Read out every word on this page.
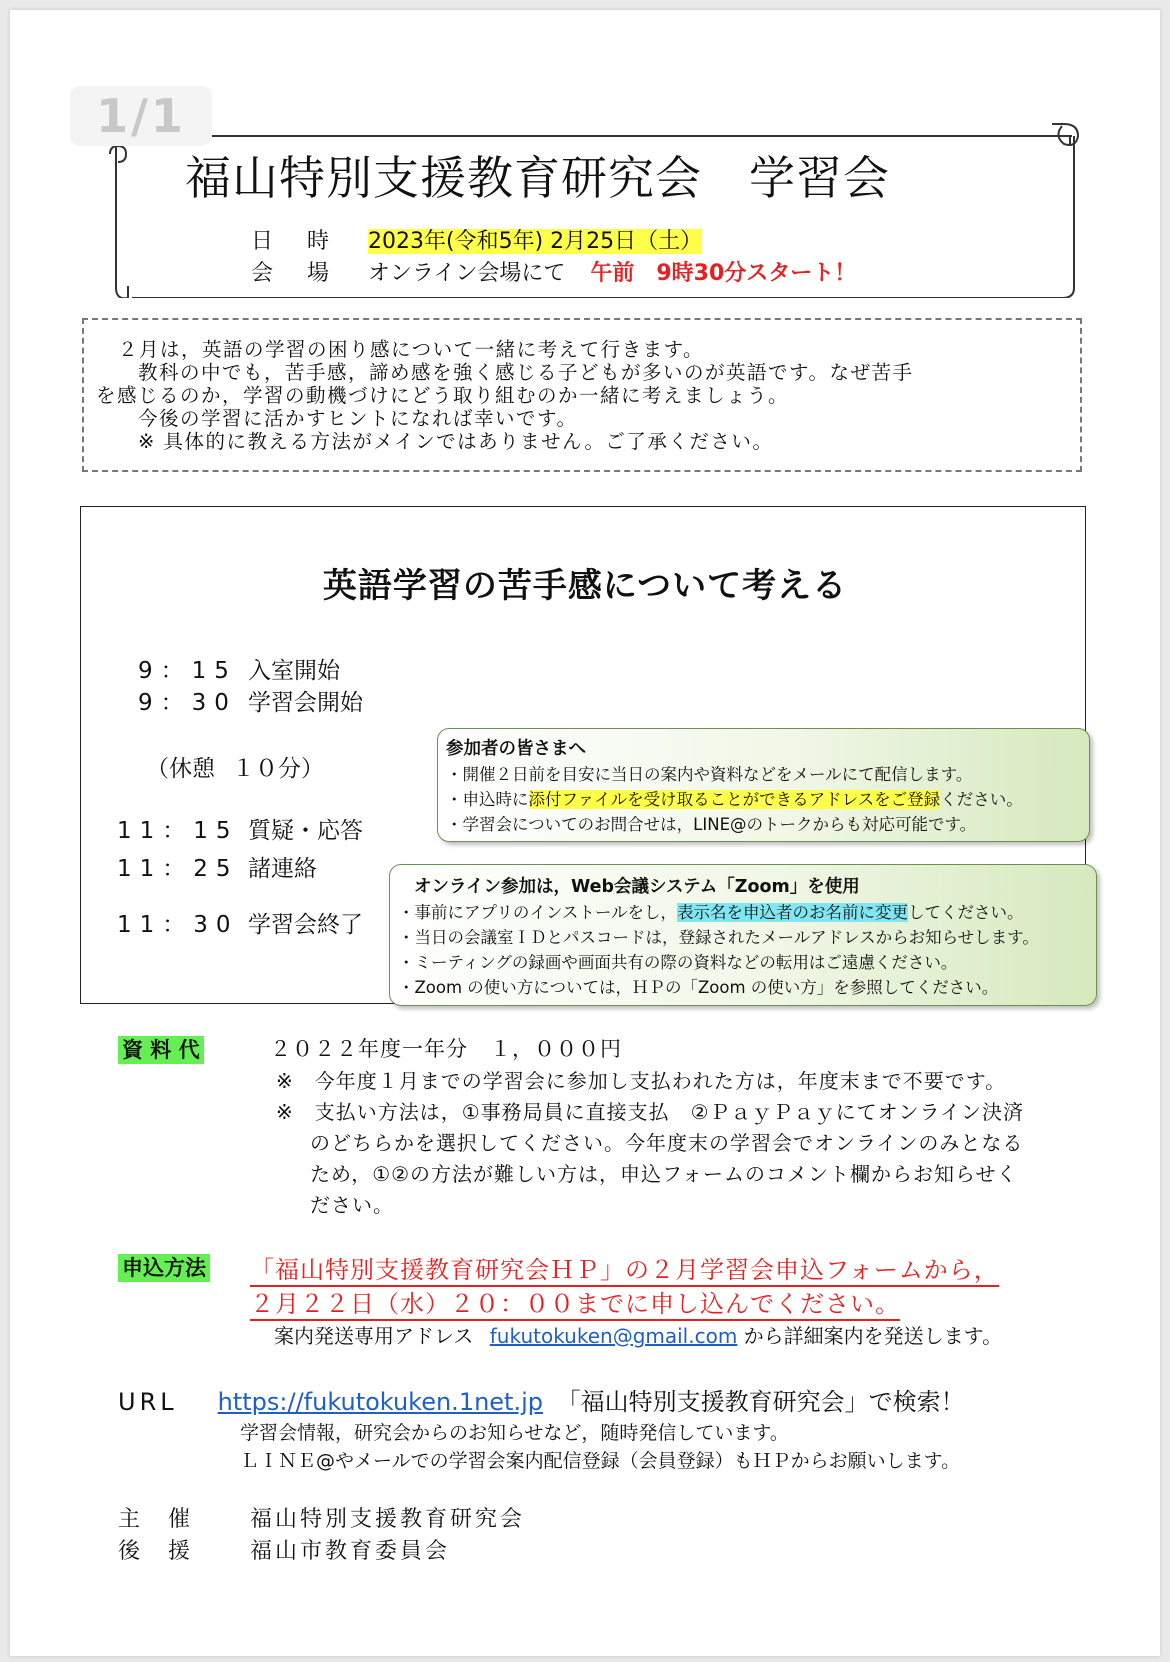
1/1
福山特別支援教育研究会　学習会
日　時 2023年(令和5年) 2月25日（土）
会　場 オンライン会場にて 午前　9時30分スタート！
２月は，英語の学習の困り感について一緒に考えて行きます。
教科の中でも，苦手感，諦め感を強く感じる子どもが多いのが英語です。なぜ苦手
を感じるのか，学習の動機づけにどう取り組むのか一緒に考えましょう。
今後の学習に活かすヒントになれば幸いです。
※ 具体的に教える方法がメインではありません。ご了承ください。
英語学習の苦手感について考える
9：15 入室開始
9：30 学習会開始
（休憩 １０分）
11：15 質疑・応答
11：25 諸連絡
11：30 学習会終了
参加者の皆さまへ
・開催２日前を目安に当日の案内や資料などをメールにて配信します。
・申込時に添付ファイルを受け取ることができるアドレスをご登録ください。
・学習会についてのお問合せは，LINE@のトークからも対応可能です。
オンライン参加は，Web会議システム「Zoom」を使用
・事前にアプリのインストールをし，表示名を申込者のお名前に変更してください。
・当日の会議室ＩＤとパスコードは，登録されたメールアドレスからお知らせします。
・ミーティングの録画や画面共有の際の資料などの転用はご遠慮ください。
・Zoom の使い方については，ＨＰの「Zoom の使い方」を参照してください。
資 料 代	２０２２年度一年分　１，０００円
※　今年度１月までの学習会に参加し支払われた方は，年度末まで不要です。
※　支払い方法は，①事務局員に直接支払　②ＰａｙＰａｙにてオンライン決済
のどちらかを選択してください。今年度末の学習会でオンラインのみとなる
ため，①②の方法が難しい方は，申込フォームのコメント欄からお知らせく
ださい。
申込方法 「福山特別支援教育研究会ＨＰ」の２月学習会申込フォームから，
２月２２日（水）２０：００までに申し込んでください。
案内発送専用アドレス fukutokuken@gmail.com から詳細案内を発送します。
URL https://fukutokuken.1net.jp 「福山特別支援教育研究会」で検索！
学習会情報，研究会からのお知らせなど，随時発信しています。
ＬＩＮＥ@やメールでの学習会案内配信登録（会員登録）もＨＰからお願いします。
主　催	福山特別支援教育研究会
後　援	福山市教育委員会
